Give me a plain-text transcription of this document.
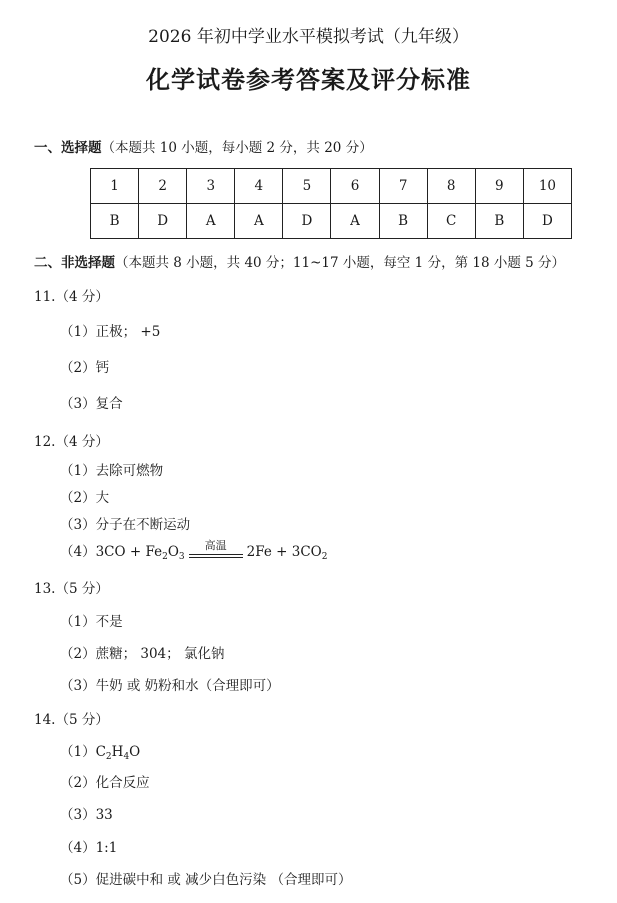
2026 年初中学业水平模拟考试（九年级）
化学试卷参考答案及评分标准
一、选择题（本题共 10 小题，每小题 2 分，共 20 分）
1	2	3	4	5	6	7	8	9	10
B	D	A	A	D	A	B	C	B	D
二、非选择题（本题共 8 小题，共 40 分；11~17 小题，每空 1 分，第 18 小题 5 分）
11.（4 分）
（1）正极； +5
（2）钙
（3）复合
12.（4 分）
（1）去除可燃物
（2）大
（3）分子在不断运动
$(4)3CO + Fe_2O_3$
高温	$2Fe + 3CO_2$
13.（5 分）
（1）不是
（2）蔗糖； 304； 氯化钠
（3）牛奶 或 奶粉和水（合理即可）
14.（5 分）
$(1)C_2H_4O$
（2）化合反应
（3）33
（4）1:1
（5）促进碳中和 或 减少白色污染 （合理即可）
